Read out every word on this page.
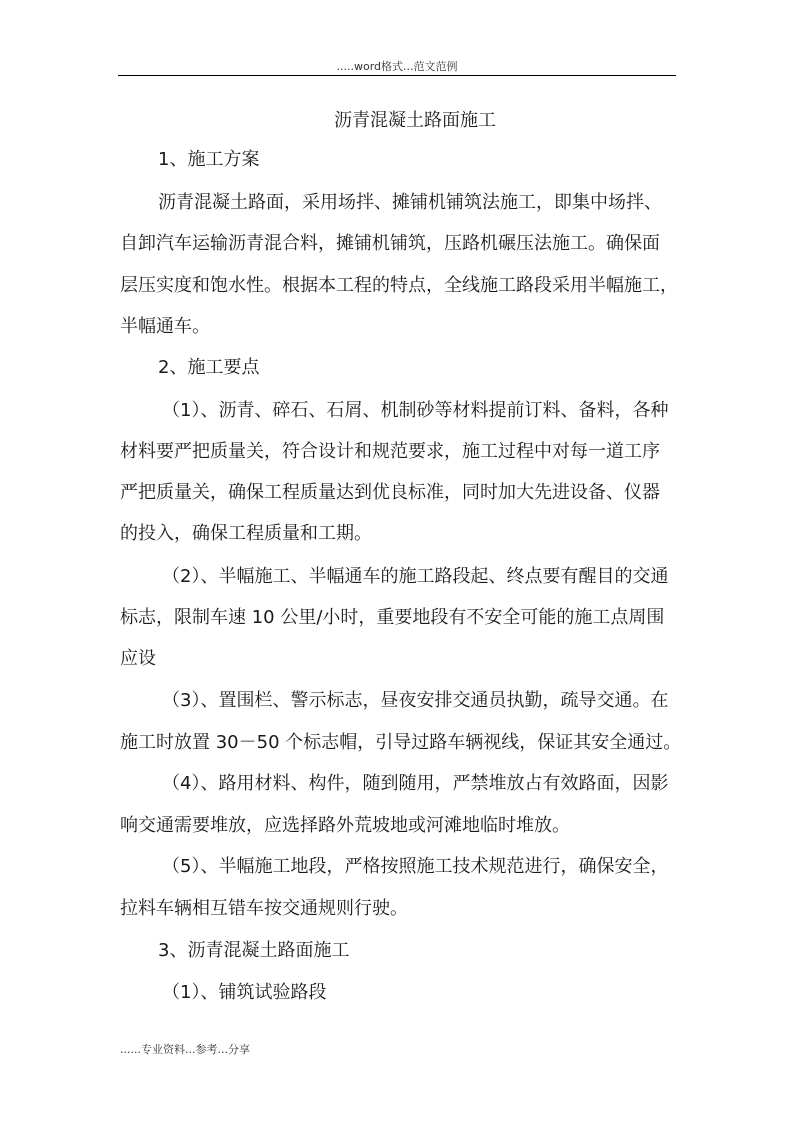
.....word格式...范文范例
沥青混凝土路面施工
1、施工方案
沥青混凝土路面，采用场拌、摊铺机铺筑法施工，即集中场拌、
自卸汽车运输沥青混合料，摊铺机铺筑，压路机碾压法施工。确保面
层压实度和饱水性。根据本工程的特点，全线施工路段采用半幅施工，
半幅通车。
2、施工要点
（1）、沥青、碎石、石屑、机制砂等材料提前订料、备料，各种
材料要严把质量关，符合设计和规范要求，施工过程中对每一道工序
严把质量关，确保工程质量达到优良标准，同时加大先进设备、仪器
的投入，确保工程质量和工期。
（2）、半幅施工、半幅通车的施工路段起、终点要有醒目的交通
标志，限制车速 10 公里/小时，重要地段有不安全可能的施工点周围
应设
（3）、置围栏、警示标志，昼夜安排交通员执勤，疏导交通。在
施工时放置 30－50 个标志帽，引导过路车辆视线，保证其安全通过。
（4）、路用材料、构件，随到随用，严禁堆放占有效路面，因影
响交通需要堆放，应选择路外荒坡地或河滩地临时堆放。
（5）、半幅施工地段，严格按照施工技术规范进行，确保安全，
拉料车辆相互错车按交通规则行驶。
3、沥青混凝土路面施工
（1）、铺筑试验路段
......专业资料...参考...分享
